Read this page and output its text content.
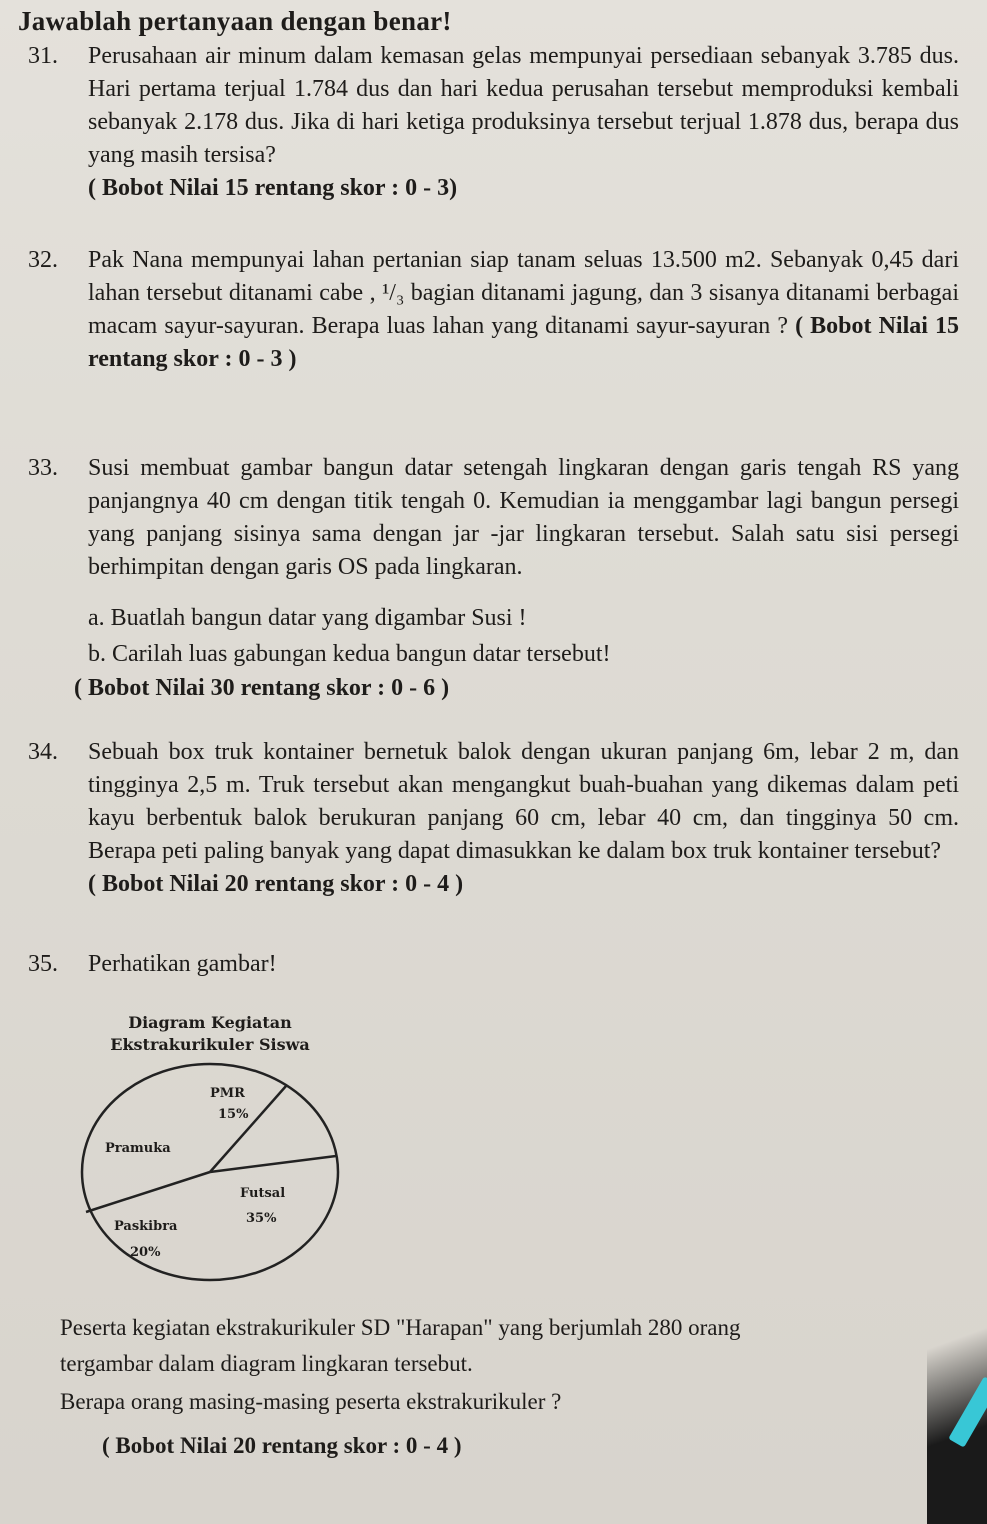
Jawablah pertanyaan dengan benar!
31. Perusahaan air minum dalam kemasan gelas mempunyai persediaan sebanyak 3.785 dus. Hari pertama terjual 1.784 dus dan hari kedua perusahan tersebut memproduksi kembali sebanyak 2.178 dus. Jika di hari ketiga produksinya tersebut terjual 1.878 dus, berapa dus yang masih tersisa?

( Bobot Nilai 15 rentang skor : 0 - 3)

32. Pak Nana mempunyai lahan pertanian siap tanam seluas 13.500 m2. Sebanyak 0,45 dari lahan tersebut ditanami cabe , ¹/₃ bagian ditanami jagung, dan 3 sisanya ditanami berbagai macam sayur-sayuran. Berapa luas lahan yang ditanami sayur-sayuran ? ( Bobot Nilai 15 rentang skor : 0 - 3 )

33. Susi membuat gambar bangun datar setengah lingkaran dengan garis tengah RS yang panjangnya 40 cm dengan titik tengah 0. Kemudian ia menggambar lagi bangun persegi yang panjang sisinya sama dengan jar -jar lingkaran tersebut. Salah satu sisi persegi berhimpitan dengan garis OS pada lingkaran.

a. Buatlah bangun datar yang digambar Susi !

b. Carilah luas gabungan kedua bangun datar tersebut!

( Bobot Nilai 30 rentang skor : 0 - 6 )

34. Sebuah box truk kontainer bernetuk balok dengan ukuran panjang 6m, lebar 2 m, dan tingginya 2,5 m. Truk tersebut akan mengangkut buah-buahan yang dikemas dalam peti kayu berbentuk balok berukuran panjang 60 cm, lebar 40 cm, dan tingginya 50 cm. Berapa peti paling banyak yang dapat dimasukkan ke dalam box truk kontainer tersebut?

( Bobot Nilai 20 rentang skor : 0 - 4 )

35. Perhatikan gambar!

Diagram Kegiatan
Ekstrakurikuler Siswa
PMR
15%
Pramuka
Futsal
35%
Paskibra
20%
Peserta kegiatan ekstrakurikuler SD "Harapan" yang berjumlah 280 orang
tergambar dalam diagram lingkaran tersebut.
Berapa orang masing-masing peserta ekstrakurikuler ?
( Bobot Nilai 20 rentang skor : 0 - 4 )
